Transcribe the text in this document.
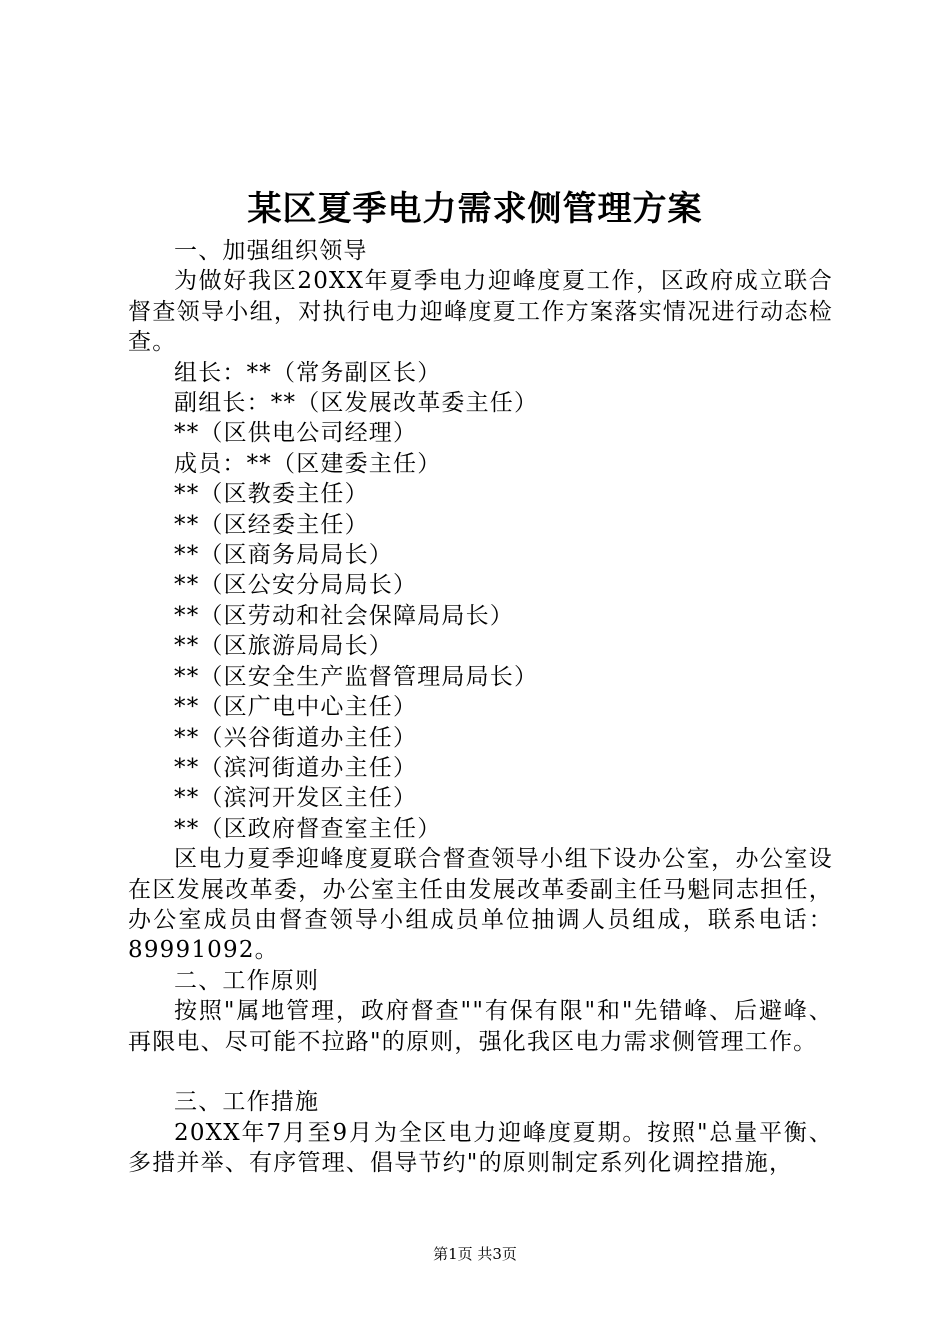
某区夏季电力需求侧管理方案

一、加强组织领导

为做好我区20XX年夏季电力迎峰度夏工作，区政府成立联合督查领导小组，对执行电力迎峰度夏工作方案落实情况进行动态检查。

组长：**（常务副区长）

副组长：**（区发展改革委主任）

**（区供电公司经理）

成员：**（区建委主任）

**（区教委主任）

**（区经委主任）

**（区商务局局长）

**（区公安分局局长）

**（区劳动和社会保障局局长）

**（区旅游局局长）

**（区安全生产监督管理局局长）

**（区广电中心主任）

**（兴谷街道办主任）

**（滨河街道办主任）

**（滨河开发区主任）

**（区政府督查室主任）

区电力夏季迎峰度夏联合督查领导小组下设办公室，办公室设在区发展改革委，办公室主任由发展改革委副主任马魁同志担任，办公室成员由督查领导小组成员单位抽调人员组成，联系电话：89991092。

二、工作原则

按照"属地管理，政府督查""有保有限"和"先错峰、后避峰、再限电、尽可能不拉路"的原则，强化我区电力需求侧管理工作。

三、工作措施

20XX年7月至9月为全区电力迎峰度夏期。按照"总量平衡、多措并举、有序管理、倡导节约"的原则制定系列化调控措施，

第1页 共3页
